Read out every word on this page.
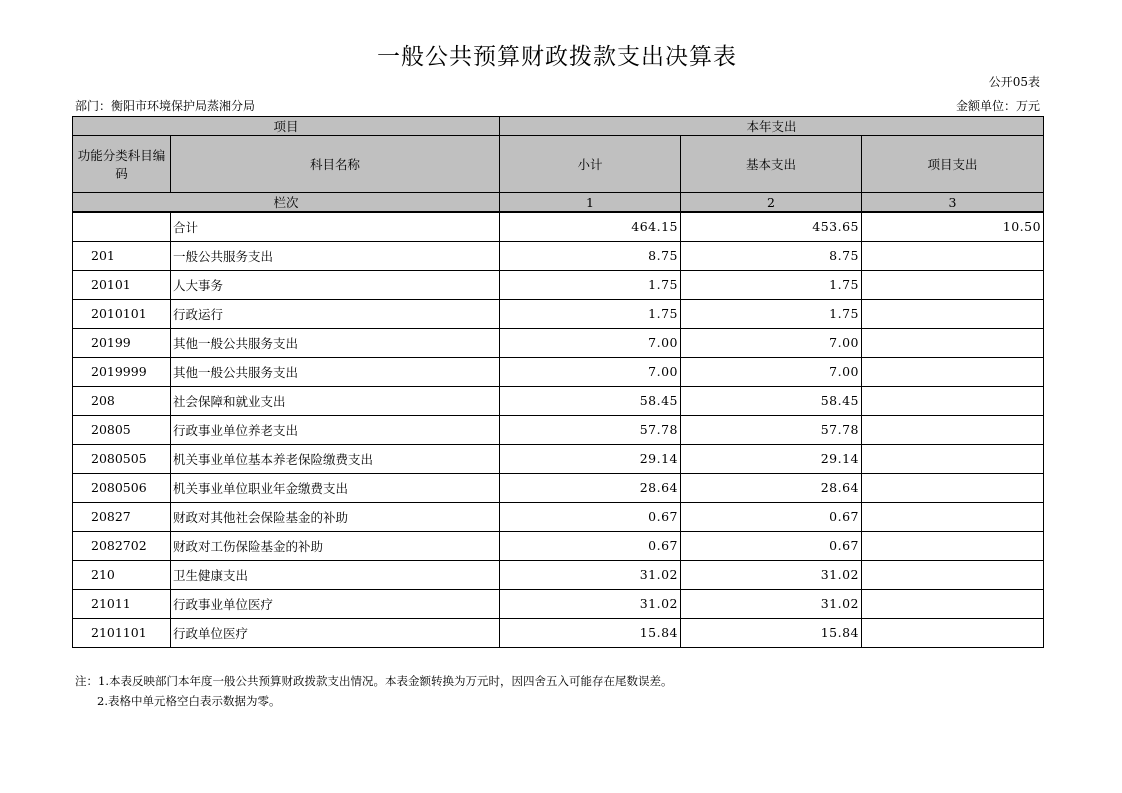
一般公共预算财政拨款支出决算表
公开05表
部门：衡阳市环境保护局蒸湘分局	金额单位：万元
项目		本年支出		
功能分类科目编码	科目名称	小计	基本支出	项目支出
栏次		1	2	3
	合计	464.15	453.65	10.50
201	一般公共服务支出	8.75	8.75	
20101	人大事务	1.75	1.75	
2010101	行政运行	1.75	1.75	
20199	其他一般公共服务支出	7.00	7.00	
2019999	其他一般公共服务支出	7.00	7.00	
208	社会保障和就业支出	58.45	58.45	
20805	行政事业单位养老支出	57.78	57.78	
2080505	机关事业单位基本养老保险缴费支出	29.14	29.14	
2080506	机关事业单位职业年金缴费支出	28.64	28.64	
20827	财政对其他社会保险基金的补助	0.67	0.67	
2082702	财政对工伤保险基金的补助	0.67	0.67	
210	卫生健康支出	31.02	31.02	
21011	行政事业单位医疗	31.02	31.02	
2101101	行政单位医疗	15.84	15.84	
注：1.本表反映部门本年度一般公共预算财政拨款支出情况。本表金额转换为万元时，因四舍五入可能存在尾数误差。
2.表格中单元格空白表示数据为零。
